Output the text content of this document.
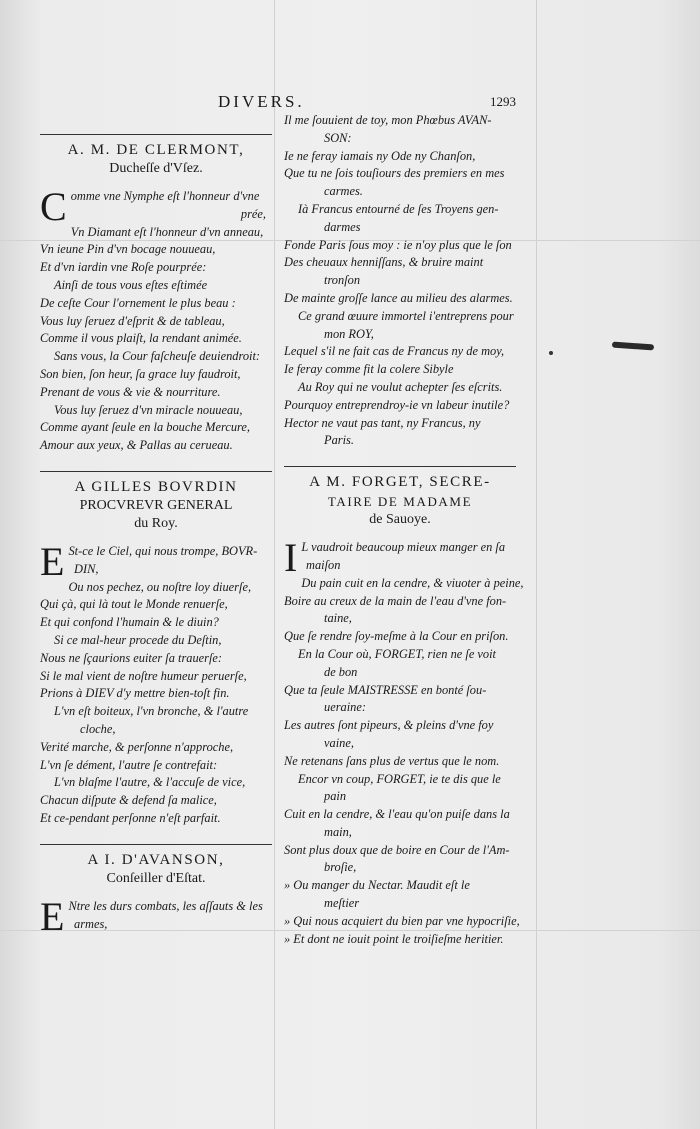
DIVERS.	1293
A. M. DE CLERMONT,
Ducheſſe d'Vſez.
Comme vne Nymphe eſt l'honneur d'vne
prée,
Vn Diamant eſt l'honneur d'vn anneau,
Vn ieune Pin d'vn bocage nouueau,
Et d'vn iardin vne Roſe pourprée:
Ainſi de tous vous eſtes eſtimée
De ceſte Cour l'ornement le plus beau :
Vous luy ſeruez d'eſprit & de tableau,
Comme il vous plaiſt, la rendant animée.
Sans vous, la Cour faſcheuſe deuiendroit:
Son bien, ſon heur, ſa grace luy faudroit,
Prenant de vous & vie & nourriture.
Vous luy ſeruez d'vn miracle nouueau,
Comme ayant ſeule en la bouche Mercure,
Amour aux yeux, & Pallas au cerueau.
A GILLES BOVRDIN
PROCVREVR GENERAL
du Roy.
E St-ce le Ciel, qui nous trompe, BOVR-
DIN,
Ou nos pechez, ou noſtre loy diuerſe,
Qui çà, qui là tout le Monde renuerſe,
Et qui confond l'humain & le diuin?
Si ce mal-heur procede du Deſtin,
Nous ne ſçaurions euiter ſa trauerſe:
Si le mal vient de noſtre humeur peruerſe,
Prions à DIEV d'y mettre bien-toſt fin.
L'vn eſt boiteux, l'vn bronche, & l'autre
cloche,
Verité marche, & perſonne n'approche,
L'vn ſe dément, l'autre ſe contrefait:
L'vn blaſme l'autre, & l'accuſe de vice,
Chacun diſpute & defend ſa malice,
Et ce-pendant perſonne n'eſt parfait.
A I. D'AVANSON,
Conſeiller d'Eſtat.
E Ntre les durs combats, les aſſauts & les
armes,
Il me ſouuient de toy, mon Phœbus AVAN-
SON:
Ie ne feray iamais ny Ode ny Chanſon,
Que tu ne ſois touſiours des premiers en mes
carmes.
Ià Francus entourné de ſes Troyens gen-
darmes
Fonde Paris ſous moy : ie n'oy plus que le ſon
Des cheuaux henniſſans, & bruire maint
tronſon
De mainte groſſe lance au milieu des alarmes.
Ce grand œuure immortel i'entreprens pour
mon ROY,
Lequel s'il ne fait cas de Francus ny de moy,
Ie feray comme fit la colere Sibyle
Au Roy qui ne voulut achepter ſes eſcrits.
Pourquoy entreprendroy-ie vn labeur inutile?
Hector ne vaut pas tant, ny Francus, ny
Paris.
A M. FORGET, SECRE-
TAIRE DE MADAME
de Sauoye.
I L vaudroit beaucoup mieux manger en ſa
maiſon
Du pain cuit en la cendre, & viuoter à peine,
Boire au creux de la main de l'eau d'vne fon-
taine,
Que ſe rendre ſoy-meſme à la Cour en priſon.
En la Cour où, FORGET, rien ne ſe voit
de bon
Que ta ſeule MAISTRESSE en bonté ſou-
ueraine:
Les autres ſont pipeurs, & pleins d'vne foy
vaine,
Ne retenans ſans plus de vertus que le nom.
Encor vn coup, FORGET, ie te dis que le
pain
Cuit en la cendre, & l'eau qu'on puiſe dans la
main,
Sont plus doux que de boire en Cour de l'Am-
broſie,
» Ou manger du Nectar. Maudit eſt le
meſtier
» Qui nous acquiert du bien par vne hypocriſie,
» Et dont ne iouit point le troiſieſme heritier.
